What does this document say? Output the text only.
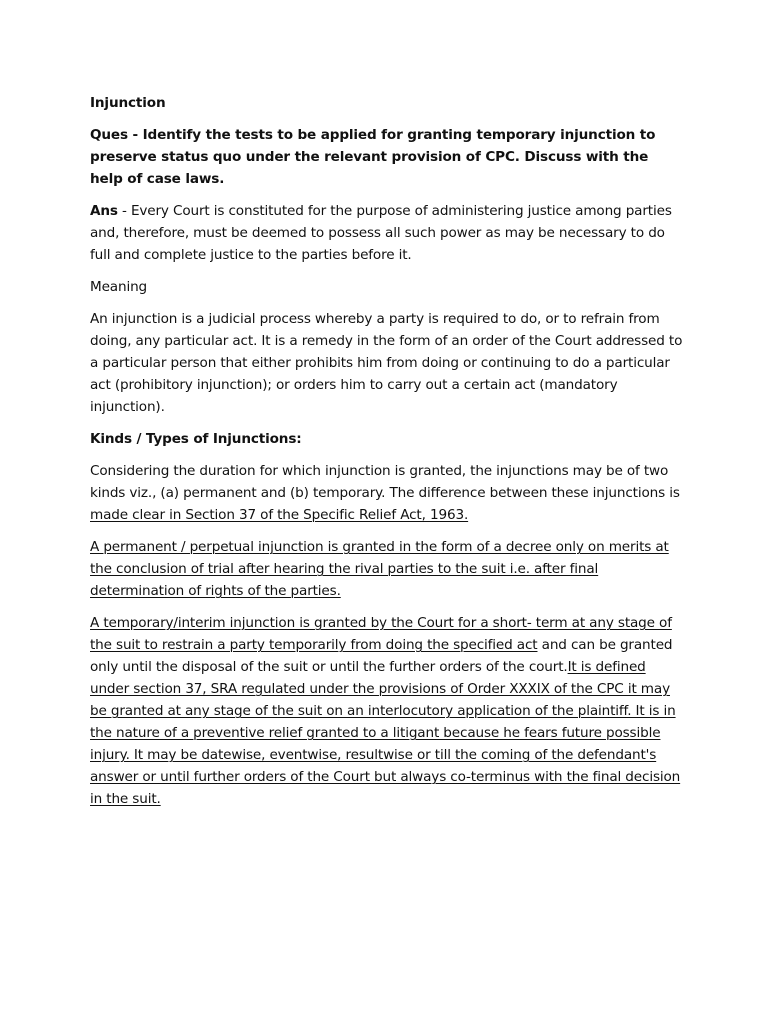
Injunction

Ques - Identify the tests to be applied for granting temporary injunction to preserve status quo under the relevant provision of CPC. Discuss with the help of case laws.

Ans - Every Court is constituted for the purpose of administering justice among parties and, therefore, must be deemed to possess all such power as may be necessary to do full and complete justice to the parties before it.

Meaning

An injunction is a judicial process whereby a party is required to do, or to refrain from doing, any particular act. It is a remedy in the form of an order of the Court addressed to a particular person that either prohibits him from doing or continuing to do a particular act (prohibitory injunction); or orders him to carry out a certain act (mandatory injunction).

Kinds / Types of Injunctions:

Considering the duration for which injunction is granted, the injunctions may be of two kinds viz., (a) permanent and (b) temporary. The difference between these injunctions is made clear in Section 37 of the Specific Relief Act, 1963.

A permanent / perpetual injunction is granted in the form of a decree only on merits at the conclusion of trial after hearing the rival parties to the suit i.e. after final determination of rights of the parties.

A temporary/interim injunction is granted by the Court for a short- term at any stage of the suit to restrain a party temporarily from doing the specified act and can be granted only until the disposal of the suit or until the further orders of the court.It is defined under section 37, SRA regulated under the provisions of Order XXXIX of the CPC it may be granted at any stage of the suit on an interlocutory application of the plaintiff. It is in the nature of a preventive relief granted to a litigant because he fears future possible injury. It may be datewise, eventwise, resultwise or till the coming of the defendant's answer or until further orders of the Court but always co-terminus with the final decision in the suit.
